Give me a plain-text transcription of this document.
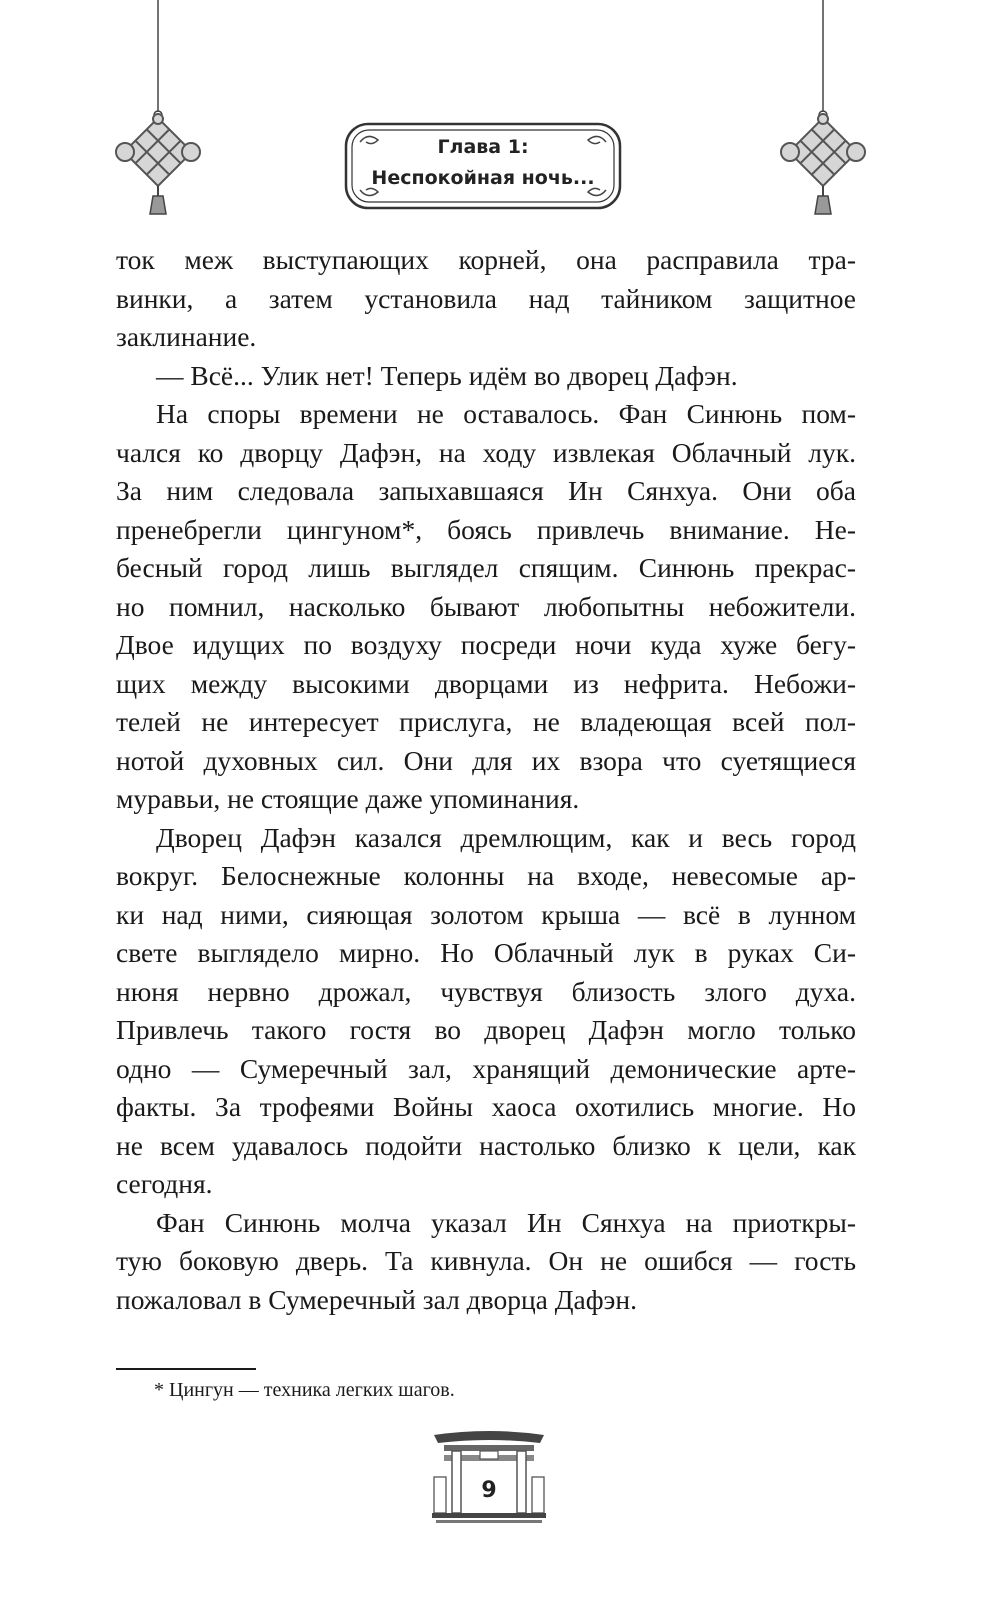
Глава 1:
Неспокойная ночь...
ток меж выступающих корней, она расправила тра-
винки, а затем установила над тайником защитное
заклинание.
— Всё... Улик нет! Теперь идём во дворец Дафэн.
На споры времени не оставалось. Фан Синюнь пом-
чался ко дворцу Дафэн, на ходу извлекая Облачный лук.
За ним следовала запыхавшаяся Ин Сянхуа. Они оба
пренебрегли цингуном*, боясь привлечь внимание. Не-
бесный город лишь выглядел спящим. Синюнь прекрас-
но помнил, насколько бывают любопытны небожители.
Двое идущих по воздуху посреди ночи куда хуже бегу-
щих между высокими дворцами из нефрита. Небожи-
телей не интересует прислуга, не владеющая всей пол-
нотой духовных сил. Они для их взора что суетящиеся
муравьи, не стоящие даже упоминания.
Дворец Дафэн казался дремлющим, как и весь город
вокруг. Белоснежные колонны на входе, невесомые ар-
ки над ними, сияющая золотом крыша — всё в лунном
свете выглядело мирно. Но Облачный лук в руках Си-
нюня нервно дрожал, чувствуя близость злого духа.
Привлечь такого гостя во дворец Дафэн могло только
одно — Сумеречный зал, хранящий демонические арте-
факты. За трофеями Войны хаоса охотились многие. Но
не всем удавалось подойти настолько близко к цели, как
сегодня.
Фан Синюнь молча указал Ин Сянхуа на приоткры-
тую боковую дверь. Та кивнула. Он не ошибся — гость
пожаловал в Сумеречный зал дворца Дафэн.
* Цингун — техника легких шагов.
9
